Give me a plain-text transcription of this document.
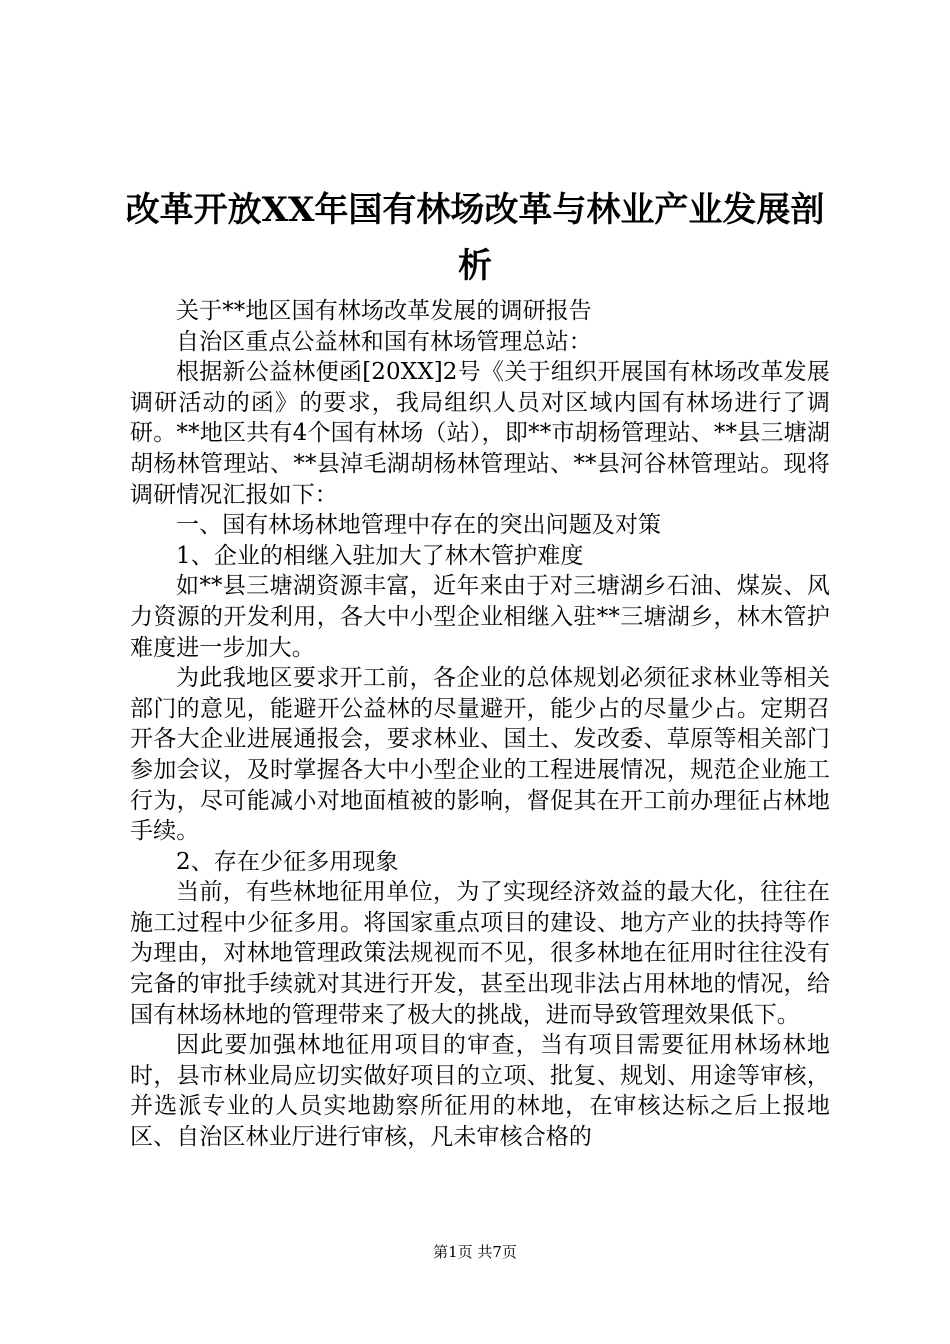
改革开放XX年国有林场改革与林业产业发展剖析

关于**地区国有林场改革发展的调研报告

自治区重点公益林和国有林场管理总站：

根据新公益林便函[20XX]2号《关于组织开展国有林场改革发展调研活动的函》的要求，我局组织人员对区域内国有林场进行了调研。**地区共有4个国有林场（站），即**市胡杨管理站、**县三塘湖胡杨林管理站、**县淖毛湖胡杨林管理站、**县河谷林管理站。现将调研情况汇报如下：

一、国有林场林地管理中存在的突出问题及对策

1、企业的相继入驻加大了林木管护难度

如**县三塘湖资源丰富，近年来由于对三塘湖乡石油、煤炭、风力资源的开发利用，各大中小型企业相继入驻**三塘湖乡，林木管护难度进一步加大。

为此我地区要求开工前，各企业的总体规划必须征求林业等相关部门的意见，能避开公益林的尽量避开，能少占的尽量少占。定期召开各大企业进展通报会，要求林业、国土、发改委、草原等相关部门参加会议，及时掌握各大中小型企业的工程进展情况，规范企业施工行为，尽可能减小对地面植被的影响，督促其在开工前办理征占林地手续。

2、存在少征多用现象

当前，有些林地征用单位，为了实现经济效益的最大化，往往在施工过程中少征多用。将国家重点项目的建设、地方产业的扶持等作为理由，对林地管理政策法规视而不见，很多林地在征用时往往没有完备的审批手续就对其进行开发，甚至出现非法占用林地的情况，给国有林场林地的管理带来了极大的挑战，进而导致管理效果低下。

因此要加强林地征用项目的审查，当有项目需要征用林场林地时，县市林业局应切实做好项目的立项、批复、规划、用途等审核，并选派专业的人员实地勘察所征用的林地，在审核达标之后上报地区、自治区林业厅进行审核，凡未审核合格的

第1页 共7页
